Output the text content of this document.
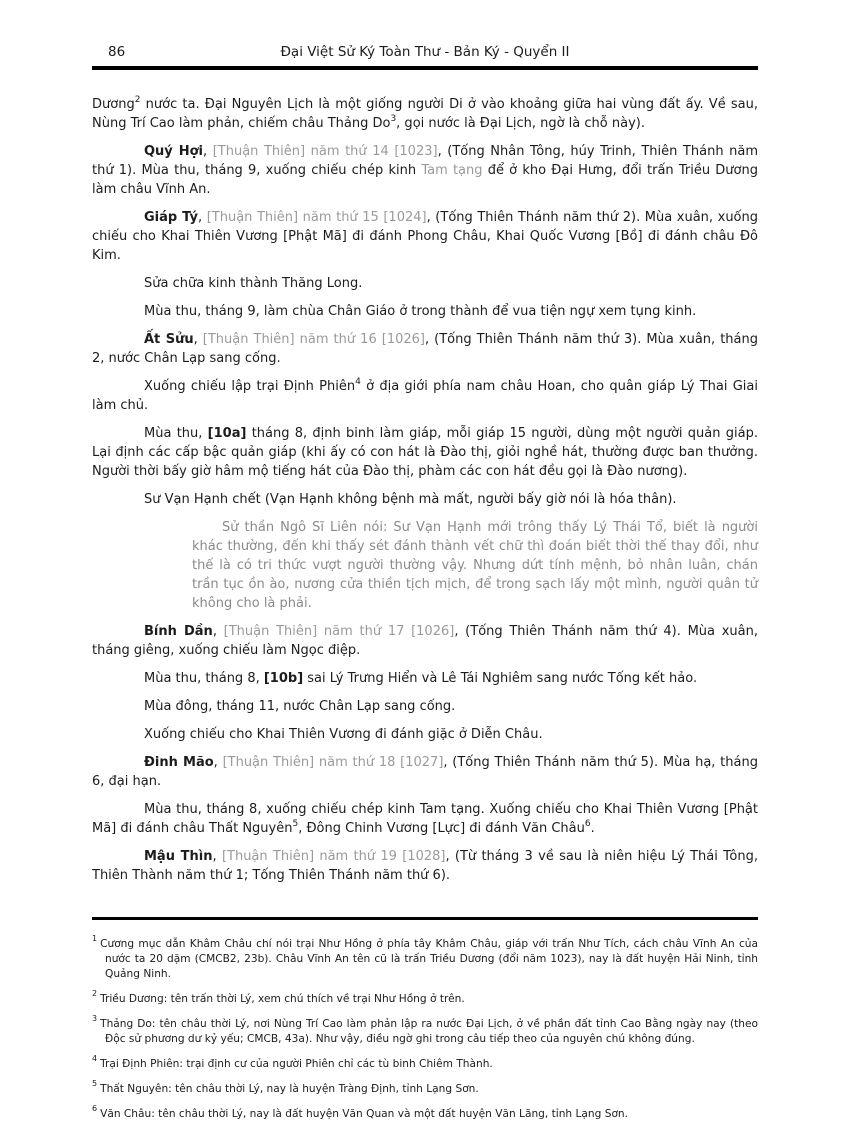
86	Đại Việt Sử Ký Toàn Thư - Bản Ký - Quyển II

Dương$^2$ nước ta. Đại Nguyên Lịch là một giống người Di ở vào khoảng giữa hai vùng đất ấy. Về sau, Nùng Trí Cao làm phản, chiếm châu Thảng Do$^3$, gọi nước là Đại Lịch, ngờ là chỗ này).

Quý Hợi, [Thuận Thiên] năm thứ 14 [1023], (Tống Nhân Tông, húy Trinh, Thiên Thánh năm thứ 1). Mùa thu, tháng 9, xuống chiếu chép kinh Tam tạng để ở kho Đại Hưng, đổi trấn Triều Dương làm châu Vĩnh An.

Giáp Tý, [Thuận Thiên] năm thứ 15 [1024], (Tống Thiên Thánh năm thứ 2). Mùa xuân, xuống chiếu cho Khai Thiên Vương [Phật Mã] đi đánh Phong Châu, Khai Quốc Vương [Bồ] đi đánh châu Đô Kim.

Sửa chữa kinh thành Thăng Long.

Mùa thu, tháng 9, làm chùa Chân Giáo ở trong thành để vua tiện ngự xem tụng kinh.

Ất Sửu, [Thuận Thiên] năm thứ 16 [1026], (Tống Thiên Thánh năm thứ 3). Mùa xuân, tháng 2, nước Chân Lạp sang cống.

Xuống chiếu lập trại Định Phiên$^4$ ở địa giới phía nam châu Hoan, cho quân giáp Lý Thai Giai làm chủ.

Mùa thu, [10a] tháng 8, định binh làm giáp, mỗi giáp 15 người, dùng một người quản giáp. Lại định các cấp bậc quản giáp (khi ấy có con hát là Đào thị, giỏi nghề hát, thường được ban thưởng. Người thời bấy giờ hâm mộ tiếng hát của Đào thị, phàm các con hát đều gọi là Đào nương).

Sư Vạn Hạnh chết (Vạn Hạnh không bệnh mà mất, người bấy giờ nói là hóa thân).

Sử thần Ngô Sĩ Liên nói: Sư Vạn Hạnh mới trông thấy Lý Thái Tổ, biết là người khác thường, đến khi thấy sét đánh thành vết chữ thì đoán biết thời thế thay đổi, như thế là có tri thức vượt người thường vậy. Nhưng dứt tính mệnh, bỏ nhân luân, chán trần tục ồn ào, nương cửa thiền tịch mịch, để trong sạch lấy một mình, người quân tử không cho là phải.

Bính Dần, [Thuận Thiên] năm thứ 17 [1026], (Tống Thiên Thánh năm thứ 4). Mùa xuân, tháng giêng, xuống chiếu làm Ngọc điệp.

Mùa thu, tháng 8, [10b] sai Lý Trưng Hiển và Lê Tái Nghiêm sang nước Tống kết hảo.

Mùa đông, tháng 11, nước Chân Lạp sang cống.

Xuống chiếu cho Khai Thiên Vương đi đánh giặc ở Diễn Châu.

Đinh Mão, [Thuận Thiên] năm thứ 18 [1027], (Tống Thiên Thánh năm thứ 5). Mùa hạ, tháng 6, đại hạn.

Mùa thu, tháng 8, xuống chiếu chép kinh Tam tạng. Xuống chiếu cho Khai Thiên Vương [Phật Mã] đi đánh châu Thất Nguyên$^5$, Đông Chinh Vương [Lực] đi đánh Văn Châu$^6$.

Mậu Thìn, [Thuận Thiên] năm thứ 19 [1028], (Từ tháng 3 về sau là niên hiệu Lý Thái Tông, Thiên Thành năm thứ 1; Tống Thiên Thánh năm thứ 6).

$^1$ Cương mục dẫn Khâm Châu chí nói trại Như Hồng ở phía tây Khâm Châu, giáp với trấn Như Tích, cách châu Vĩnh An của nước ta 20 dặm (CMCB2, 23b). Châu Vĩnh An tên cũ là trấn Triều Dương (đổi năm 1023), nay là đất huyện Hải Ninh, tỉnh Quảng Ninh.

$^2$ Triều Dương: tên trấn thời Lý, xem chú thích về trại Như Hồng ở trên.

$^3$ Thảng Do: tên châu thời Lý, nơi Nùng Trí Cao làm phản lập ra nước Đại Lịch, ở về phần đất tỉnh Cao Bằng ngày nay (theo Độc sử phương dư kỷ yếu; CMCB, 43a). Như vậy, điều ngờ ghi trong câu tiếp theo của nguyên chú không đúng.

$^4$ Trại Định Phiên: trại định cư của người Phiên chỉ các tù binh Chiêm Thành.

$^5$ Thất Nguyên: tên châu thời Lý, nay là huyện Tràng Định, tỉnh Lạng Sơn.

$^6$ Văn Châu: tên châu thời Lý, nay là đất huyện Văn Quan và một đất huyện Văn Lãng, tỉnh Lạng Sơn.
